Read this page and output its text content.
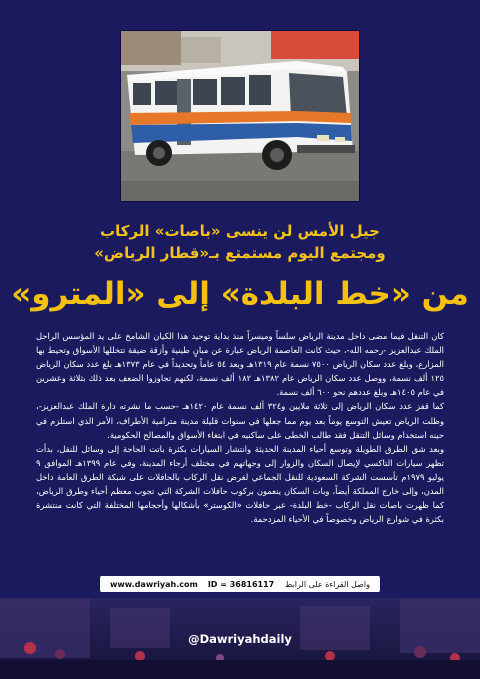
جيل الأمس لن ينسى «باصات» الركاب
ومجتمع اليوم مستمتع بـ«قطار الرياض»
من «خط البلدة» إلى «المترو»

كان التنقل فيما مضى داخل مدينة الرياض سلساً وميسراً منذ بداية توحيد هذا الكيان الشامخ على يد المؤسس الراحل الملك عبدالعزيز -رحمه الله-، حيث كانت العاصمة الرياض عبارة عن مبانٍ طينية وأزقة ضيقة تتخللها الأسواق وتحيط بها المزارع، وبلغ عدد سكان الرياض ٧٥٠٠ نسمة عام ١٣١٩هـ وبعد ٥٤ عاماً وتحديداً في عام ١٣٧٣هـ بلغ عدد سكان الرياض ١٢٥ ألف نسمة، ووصل عدد سكان الرياض عام ١٣٨٢هـ ١٨٢ ألف نسمة، لكنهم تجاوزوا الضعف بعد ذلك بثلاثة وعشرين في عام ١٤٠٥هـ وبلغ عددهم نحو ٦٠٠ ألف نسمة.

كما قفز عدد سكان الرياض إلى ثلاثة ملايين و٣٢٤ ألف نسمة عام ١٤٢٠هـ -حسب ما نشرته دارة الملك عبدالعزيز-، وظلت الرياض تعيش التوسع يوماً بعد يوم مما جعلها في سنوات قليلة مدينة مترامية الأطراف، الأمر الذي استلزم في حينه استخدام وسائل التنقل فقد طالب الخطى على ساكنيه في ابتغاء الأسواق والمصالح الحكومية.

وبعد شق الطرق الطويلة وتوسع أحياء المدينة الحديثة وانتشار السيارات بكثرة باتت الحاجة إلى وسائل للنقل، بدأت تظهر سيارات التاكسي لإيصال السكان والزوار إلى وجهاتهم في مختلف أرجاء المدينة، وفي عام ١٣٩٩هـ الموافق ٩ يوليو ١٩٧٩م تأسست الشركة السعودية للنقل الجماعي لغرض نقل الركاب بالحافلات على شبكة الطرق العامة داخل المدن، وإلى خارج المملكة أيضاً، وبات السكان ينعمون بركوب حافلات الشركة التي تجوب معظم أحياء وطرق الرياض، كما ظهرت باصات نقل الركاب -خط البلدة- عبر حافلات «الكوستر» بأشكالها وأحجامها المختلفة التي كانت منتشرة بكثرة في شوارع الرياض وخصوصاً في الأحياء المزدحمة.

www.dawriyah.com ID = 36816117 واصل القراءة على الرابط
@Dawriyahdaily
